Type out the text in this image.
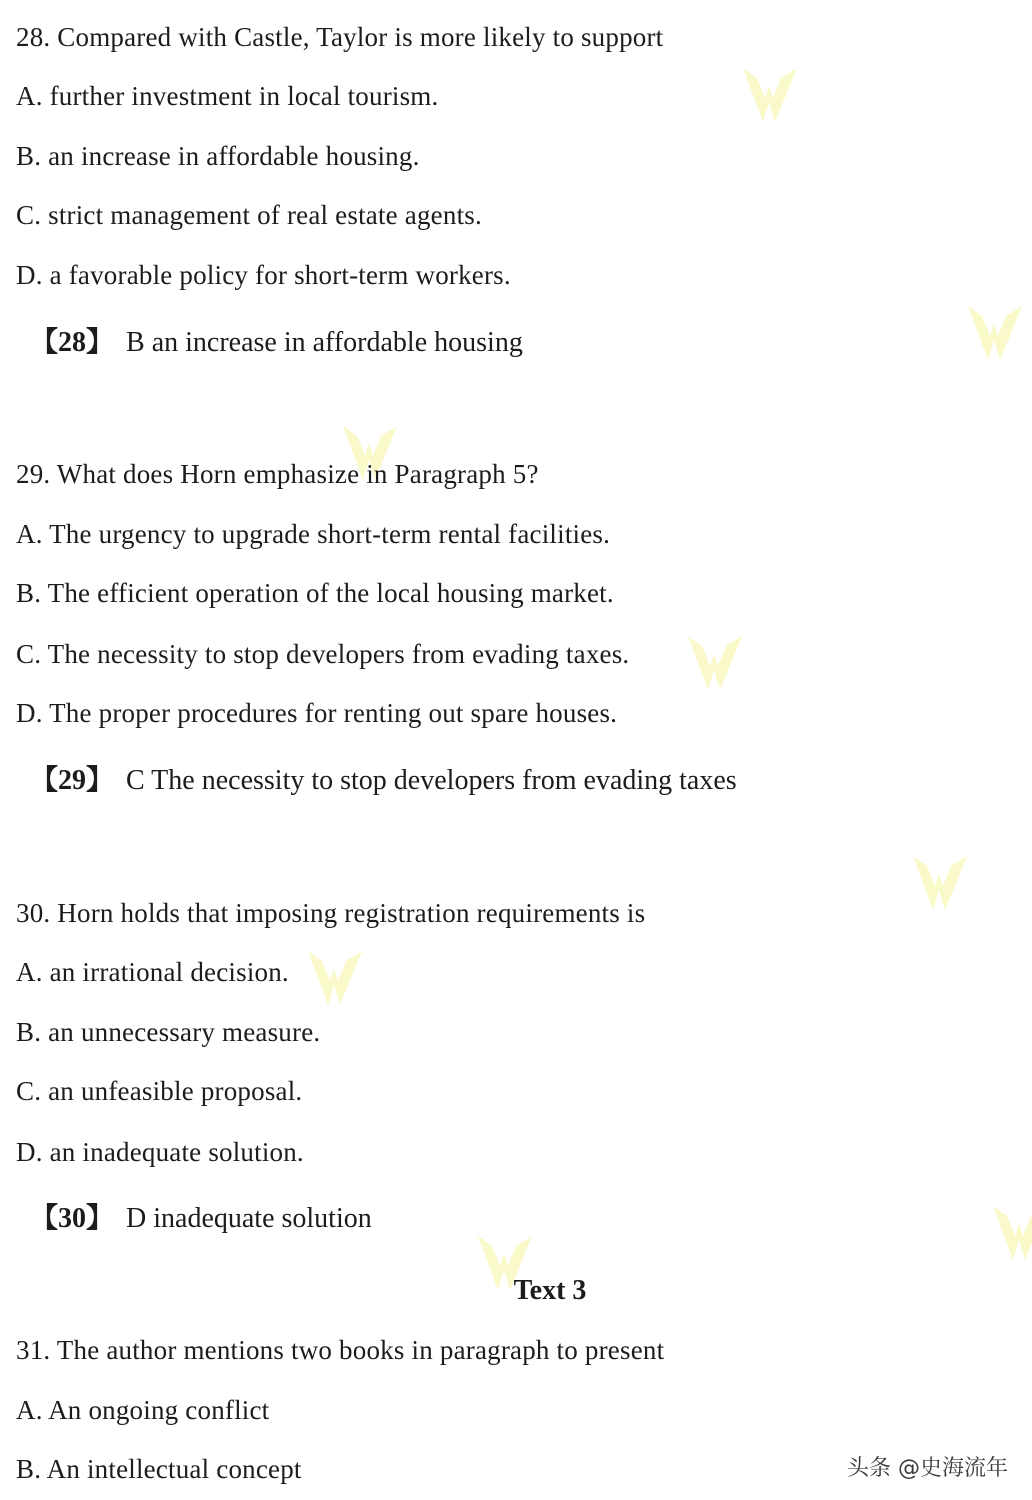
28. Compared with Castle, Taylor is more likely to support
A. further investment in local tourism.
B. an increase in affordable housing.
C. strict management of real estate agents.
D. a favorable policy for short-term workers.
【28】 B an increase in affordable housing
29. What does Horn emphasize in Paragraph 5?
A. The urgency to upgrade short-term rental facilities.
B. The efficient operation of the local housing market.
C. The necessity to stop developers from evading taxes.
D. The proper procedures for renting out spare houses.
【29】 C The necessity to stop developers from evading taxes
30. Horn holds that imposing registration requirements is
A. an irrational decision.
B. an unnecessary measure.
C. an unfeasible proposal.
D. an inadequate solution.
【30】 D inadequate solution
Text 3
31. The author mentions two books in paragraph to present
A. An ongoing conflict
B. An intellectual concept	头条 @史海流年
